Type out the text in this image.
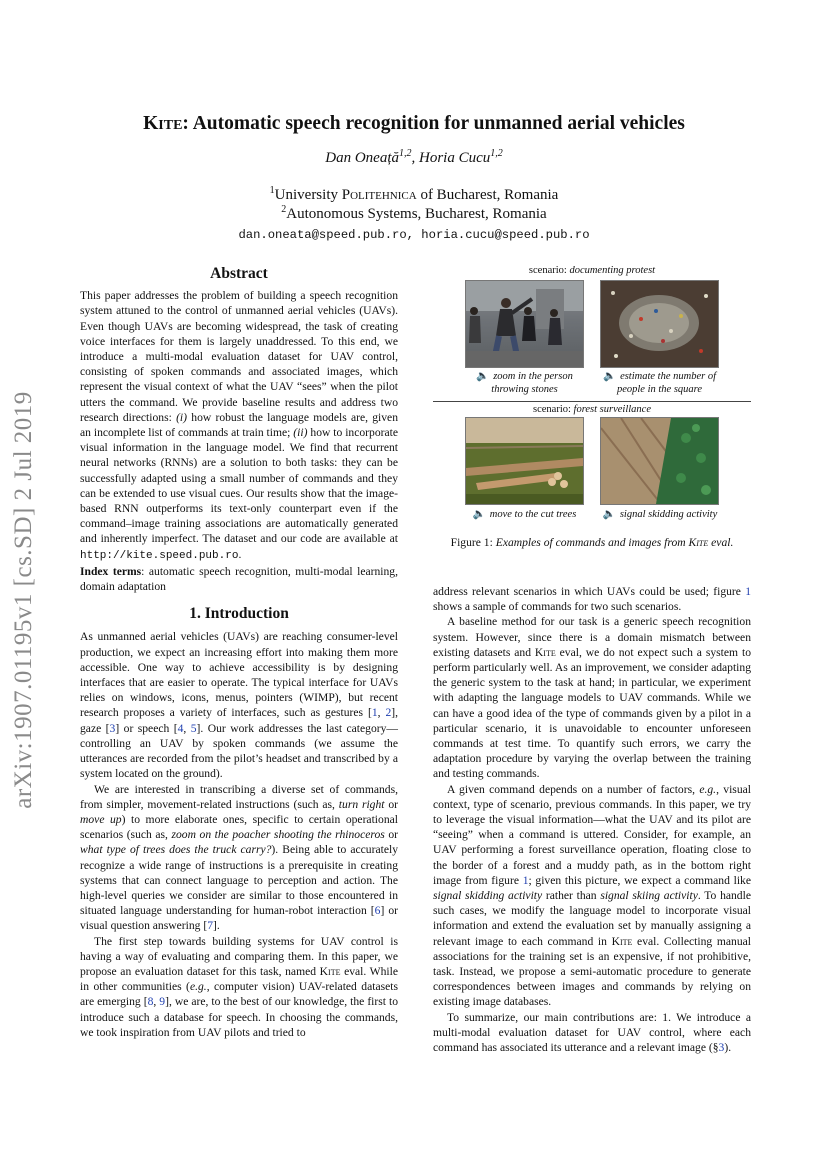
arXiv:1907.01195v1 [cs.SD] 2 Jul 2019
Kite: Automatic speech recognition for unmanned aerial vehicles
Dan Oneață$^{1,2}$, Horia Cucu$^{1,2}$
$^1$University Politehnica of Bucharest, Romania
$^2$Autonomous Systems, Bucharest, Romania
dan.oneata@speed.pub.ro, horia.cucu@speed.pub.ro
Abstract

This paper addresses the problem of building a speech recognition system attuned to the control of unmanned aerial vehicles (UAVs). Even though UAVs are becoming widespread, the task of creating voice interfaces for them is largely unaddressed. To this end, we introduce a multi-modal evaluation dataset for UAV control, consisting of spoken commands and associated images, which represent the visual context of what the UAV “sees” when the pilot utters the command. We provide baseline results and address two research directions: (i) how robust the language models are, given an incomplete list of commands at train time; (ii) how to incorporate visual information in the language model. We find that recurrent neural networks (RNNs) are a solution to both tasks: they can be successfully adapted using a small number of commands and they can be extended to use visual cues. Our results show that the image-based RNN outperforms its text-only counterpart even if the command–image training associations are automatically generated and inherently imperfect. The dataset and our code are available at http://kite.speed.pub.ro.

Index terms: automatic speech recognition, multi-modal learning, domain adaptation

1. Introduction

As unmanned aerial vehicles (UAVs) are reaching consumer-level production, we expect an increasing effort into making them more accessible. One way to achieve accessibility is by designing interfaces that are easier to operate. The typical interface for UAVs relies on windows, icons, menus, pointers (WIMP), but recent research proposes a variety of interfaces, such as gestures [1, 2], gaze [3] or speech [4, 5]. Our work addresses the last category—controlling an UAV by spoken commands (we assume the utterances are recorded from the pilot’s headset and transcribed by a system located on the ground).

We are interested in transcribing a diverse set of commands, from simpler, movement-related instructions (such as, turn right or move up) to more elaborate ones, specific to certain operational scenarios (such as, zoom on the poacher shooting the rhinoceros or what type of trees does the truck carry?). Being able to accurately recognize a wide range of instructions is a prerequisite in creating systems that can connect language to perception and action. The high-level queries we consider are similar to those encountered in situated language understanding for human-robot interaction [6] or visual question answering [7].

The first step towards building systems for UAV control is having a way of evaluating and comparing them. In this paper, we propose an evaluation dataset for this task, named Kite eval. While in other communities (e.g., computer vision) UAV-related datasets are emerging [8, 9], we are, to the best of our knowledge, the first to introduce such a database for speech. In choosing the commands, we took inspiration from UAV pilots and tried to

scenario: documenting protest
🔈 zoom in the person throwing stones
🔈 estimate the number of people in the square
scenario: forest surveillance
🔈 move to the cut trees	🔈 signal skidding activity
Figure 1: Examples of commands and images from Kite eval.

address relevant scenarios in which UAVs could be used; figure 1 shows a sample of commands for two such scenarios.

A baseline method for our task is a generic speech recognition system. However, since there is a domain mismatch between existing datasets and Kite eval, we do not expect such a system to perform particularly well. As an improvement, we consider adapting the generic system to the task at hand; in particular, we experiment with adapting the language models to UAV commands. While we can have a good idea of the type of commands given by a pilot in a particular scenario, it is unavoidable to encounter unforeseen commands at test time. To quantify such errors, we carry the adaptation procedure by varying the overlap between the training and testing commands.

A given command depends on a number of factors, e.g., visual context, type of scenario, previous commands. In this paper, we try to leverage the visual information—what the UAV and its pilot are “seeing” when a command is uttered. Consider, for example, an UAV performing a forest surveillance operation, floating close to the border of a forest and a muddy path, as in the bottom right image from figure 1; given this picture, we expect a command like signal skidding activity rather than signal skiing activity. To handle such cases, we modify the language model to incorporate visual information and extend the evaluation set by manually assigning a relevant image to each command in Kite eval. Collecting manual associations for the training set is an expensive, if not prohibitive, task. Instead, we propose a semi-automatic procedure to generate correspondences between images and commands by relying on existing image databases.

To summarize, our main contributions are: 1. We introduce a multi-modal evaluation dataset for UAV control, where each command has associated its utterance and a relevant image (§3).
